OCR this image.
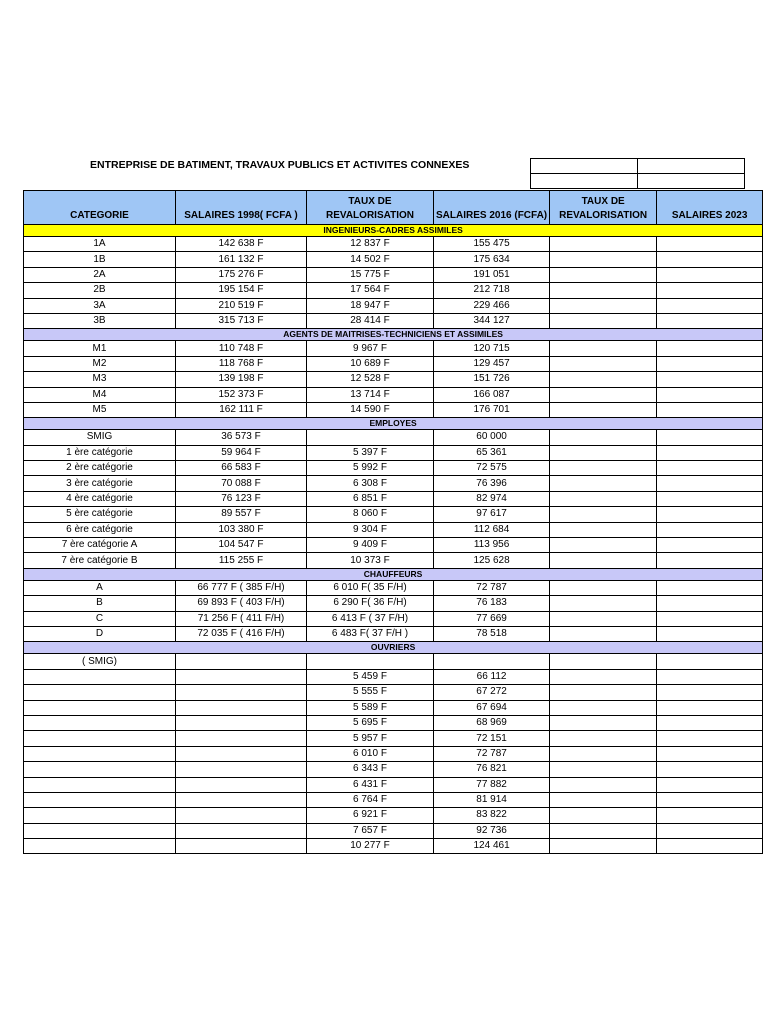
ENTREPRISE DE BATIMENT, TRAVAUX PUBLICS ET ACTIVITES CONNEXES

CATEGORIE	SALAIRES 1998( FCFA )	TAUX DE REVALORISATION	SALAIRES 2016 (FCFA)	TAUX DE REVALORISATION	SALAIRES 2023
INGENIEURS-CADRES ASSIMILES					
1A	142 638 F	12 837 F	155 475		
1B	161 132 F	14 502 F	175 634		
2A	175 276 F	15 775 F	191 051		
2B	195 154 F	17 564 F	212 718		
3A	210 519 F	18 947 F	229 466		
3B	315 713 F	28 414 F	344 127		
AGENTS DE MAITRISES-TECHNICIENS ET ASSIMILES					
M1	110 748 F	9 967 F	120 715		
M2	118 768 F	10 689 F	129 457		
M3	139 198 F	12 528 F	151 726		
M4	152 373 F	13 714 F	166 087		
M5	162 111 F	14 590 F	176 701		
EMPLOYES					
SMIG	36 573 F		60 000		
1 ère catégorie	59 964 F	5 397 F	65 361		
2 ère catégorie	66 583 F	5 992 F	72 575		
3 ère catégorie	70 088 F	6 308 F	76 396		
4 ère catégorie	76 123 F	6 851 F	82 974		
5 ère catégorie	89 557 F	8 060 F	97 617		
6 ère catégorie	103 380 F	9 304 F	112 684		
7 ère catégorie A	104 547 F	9 409 F	113 956		
7 ère catégorie B	115 255 F	10 373 F	125 628		
CHAUFFEURS					
A	66 777 F ( 385 F/H)	6 010 F( 35 F/H)	72 787		
B	69 893 F ( 403 F/H)	6 290 F( 36 F/H)	76 183		
C	71 256 F ( 411 F/H)	6 413 F ( 37 F/H)	77 669		
D	72 035 F ( 416 F/H)	6 483 F( 37 F/H )	78 518		
OUVRIERS					
( SMIG)					
		5 459 F	66 112		
		5 555 F	67 272		
		5 589 F	67 694		
		5 695 F	68 969		
		5 957 F	72 151		
		6 010 F	72 787		
		6 343 F	76 821		
		6 431 F	77 882		
		6 764 F	81 914		
		6 921 F	83 822		
		7 657 F	92 736		
		10 277 F	124 461		
